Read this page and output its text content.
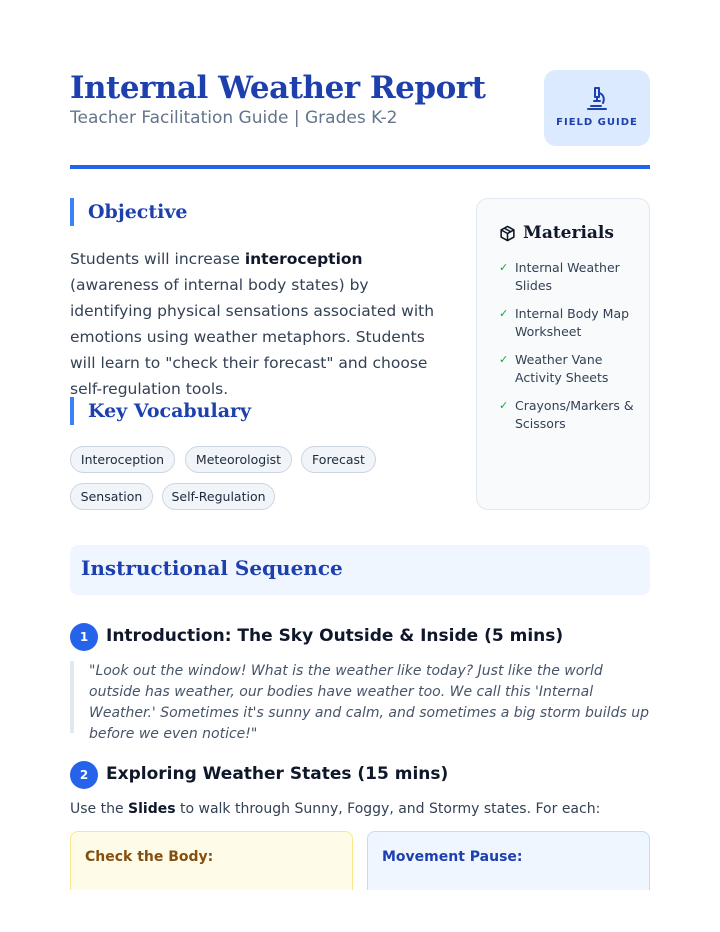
Internal Weather Report
Teacher Facilitation Guide | Grades K-2	FIELD GUIDE
Objective
Students will increase interoception (awareness of internal body states) by identifying physical sensations associated with emotions using weather metaphors. Students will learn to "check their forecast" and choose self-regulation tools.
Key Vocabulary
Interoception	Meteorologist	Forecast
Sensation	Self-Regulation
Materials
✓ Internal Weather Slides
✓ Internal Body Map Worksheet
✓ Weather Vane Activity Sheets
✓ Crayons/Markers & Scissors
Instructional Sequence
1	Introduction: The Sky Outside & Inside (5 mins)
"Look out the window! What is the weather like today? Just like the world outside has weather, our bodies have weather too. We call this 'Internal Weather.' Sometimes it's sunny and calm, and sometimes a big storm builds up before we even notice!"
2	Exploring Weather States (15 mins)
Use the Slides to walk through Sunny, Foggy, and Stormy states. For each:
Check the Body:	Movement Pause:
